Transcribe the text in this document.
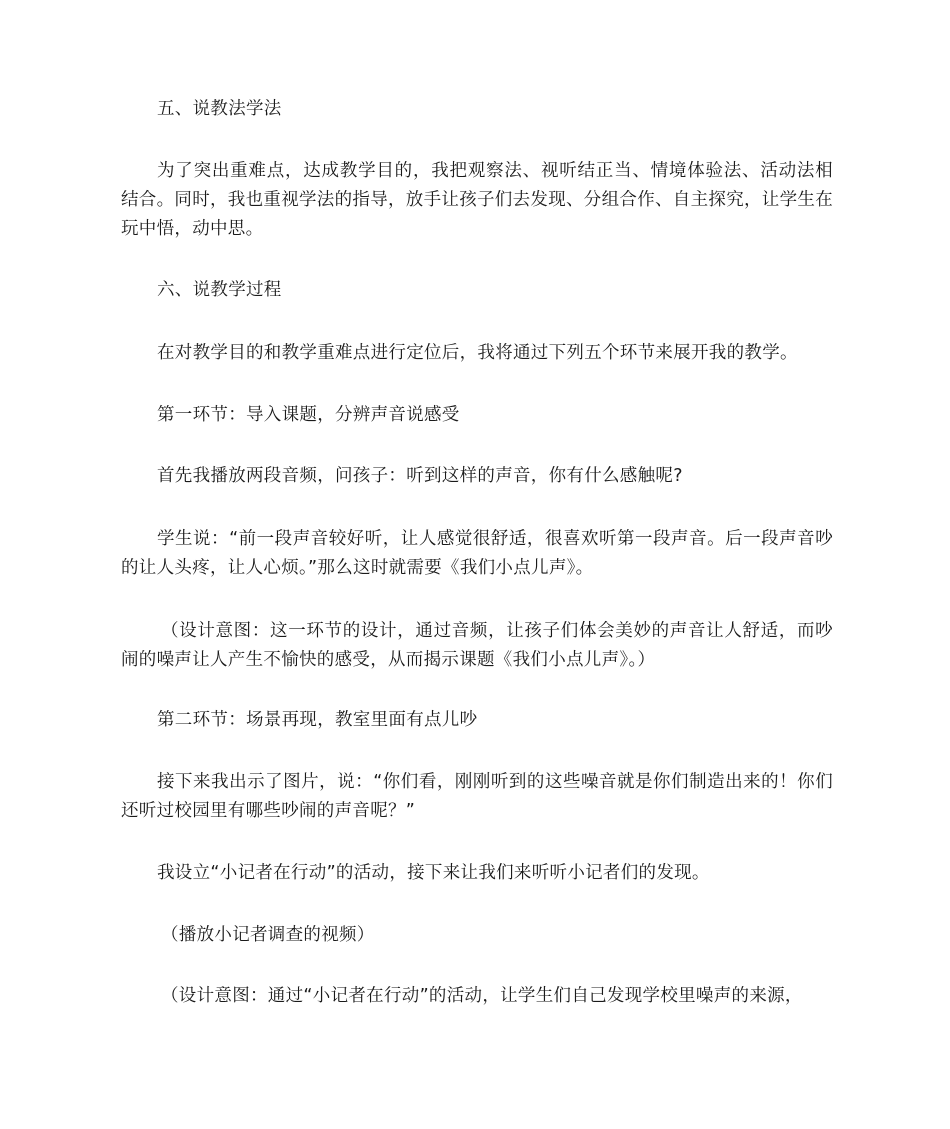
五、说教法学法

为了突出重难点，达成教学目的，我把观察法、视听结正当、情境体验法、活动法相结合。同时，我也重视学法的指导，放手让孩子们去发现、分组合作、自主探究，让学生在玩中悟，动中思。

六、说教学过程

在对教学目的和教学重难点进行定位后，我将通过下列五个环节来展开我的教学。

第一环节：导入课题，分辨声音说感受

首先我播放两段音频，问孩子：听到这样的声音，你有什么感触呢?

学生说：“前一段声音较好听，让人感觉很舒适，很喜欢听第一段声音。后一段声音吵的让人头疼，让人心烦。”那么这时就需要《我们小点儿声》。

（设计意图：这一环节的设计，通过音频，让孩子们体会美妙的声音让人舒适，而吵闹的噪声让人产生不愉快的感受，从而揭示课题《我们小点儿声》。）

第二环节：场景再现，教室里面有点儿吵

接下来我出示了图片，说：“你们看，刚刚听到的这些噪音就是你们制造出来的！你们还听过校园里有哪些吵闹的声音呢？”

我设立“小记者在行动”的活动，接下来让我们来听听小记者们的发现。

（播放小记者调查的视频）

（设计意图：通过“小记者在行动”的活动，让学生们自己发现学校里噪声的来源，
